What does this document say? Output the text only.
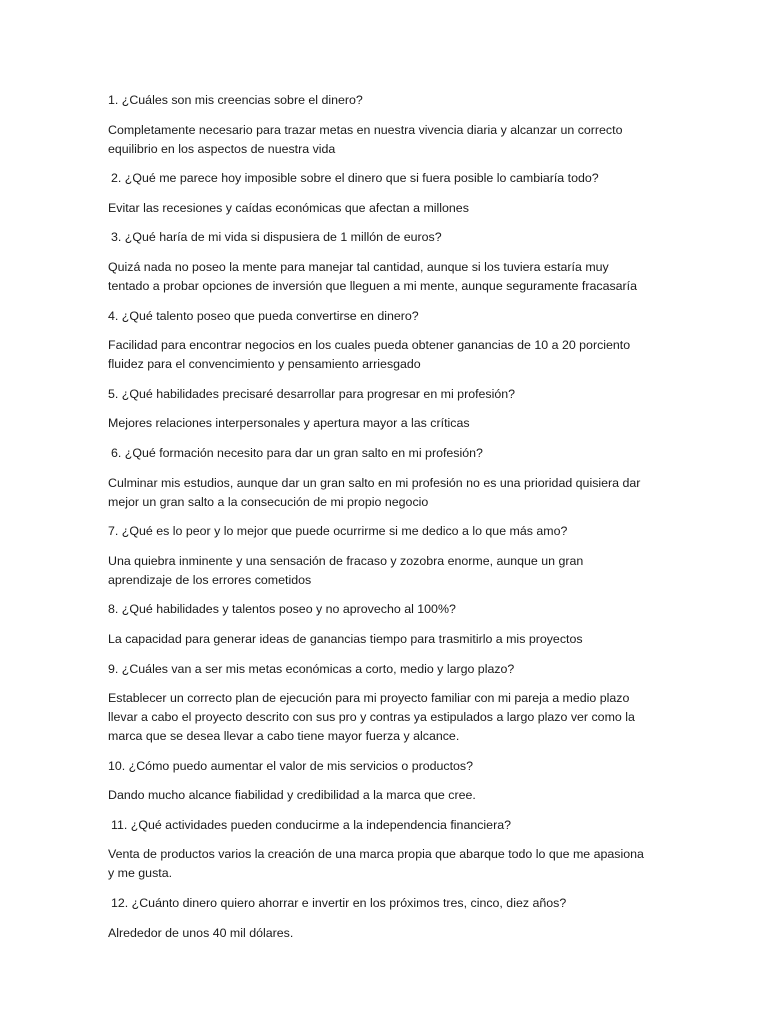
1. ¿Cuáles son mis creencias sobre el dinero?

Completamente necesario para trazar metas en nuestra vivencia diaria y alcanzar un correcto equilibrio en los aspectos de nuestra vida

2. ¿Qué me parece hoy imposible sobre el dinero que si fuera posible lo cambiaría todo?

Evitar las recesiones y caídas económicas que afectan a millones

3. ¿Qué haría de mi vida si dispusiera de 1 millón de euros?

Quizá nada no poseo la mente para manejar tal cantidad, aunque si los tuviera estaría muy tentado a probar opciones de inversión que lleguen a mi mente, aunque seguramente fracasaría

4. ¿Qué talento poseo que pueda convertirse en dinero?

Facilidad para encontrar negocios en los cuales pueda obtener ganancias de 10 a 20 porciento fluidez para el convencimiento y pensamiento arriesgado

5. ¿Qué habilidades precisaré desarrollar para progresar en mi profesión?

Mejores relaciones interpersonales y apertura mayor a las críticas

6. ¿Qué formación necesito para dar un gran salto en mi profesión?

Culminar mis estudios, aunque dar un gran salto en mi profesión no es una prioridad quisiera dar mejor un gran salto a la consecución de mi propio negocio

7. ¿Qué es lo peor y lo mejor que puede ocurrirme si me dedico a lo que más amo?

Una quiebra inminente y una sensación de fracaso y zozobra enorme, aunque un gran aprendizaje de los errores cometidos

8. ¿Qué habilidades y talentos poseo y no aprovecho al 100%?

La capacidad para generar ideas de ganancias tiempo para trasmitirlo a mis proyectos

9. ¿Cuáles van a ser mis metas económicas a corto, medio y largo plazo?

Establecer un correcto plan de ejecución para mi proyecto familiar con mi pareja a medio plazo llevar a cabo el proyecto descrito con sus pro y contras ya estipulados a largo plazo ver como la marca que se desea llevar a cabo tiene mayor fuerza y alcance.

10. ¿Cómo puedo aumentar el valor de mis servicios o productos?

Dando mucho alcance fiabilidad y credibilidad a la marca que cree.

11. ¿Qué actividades pueden conducirme a la independencia financiera?

Venta de productos varios la creación de una marca propia que abarque todo lo que me apasiona y me gusta.

12. ¿Cuánto dinero quiero ahorrar e invertir en los próximos tres, cinco, diez años?

Alrededor de unos 40 mil dólares.
